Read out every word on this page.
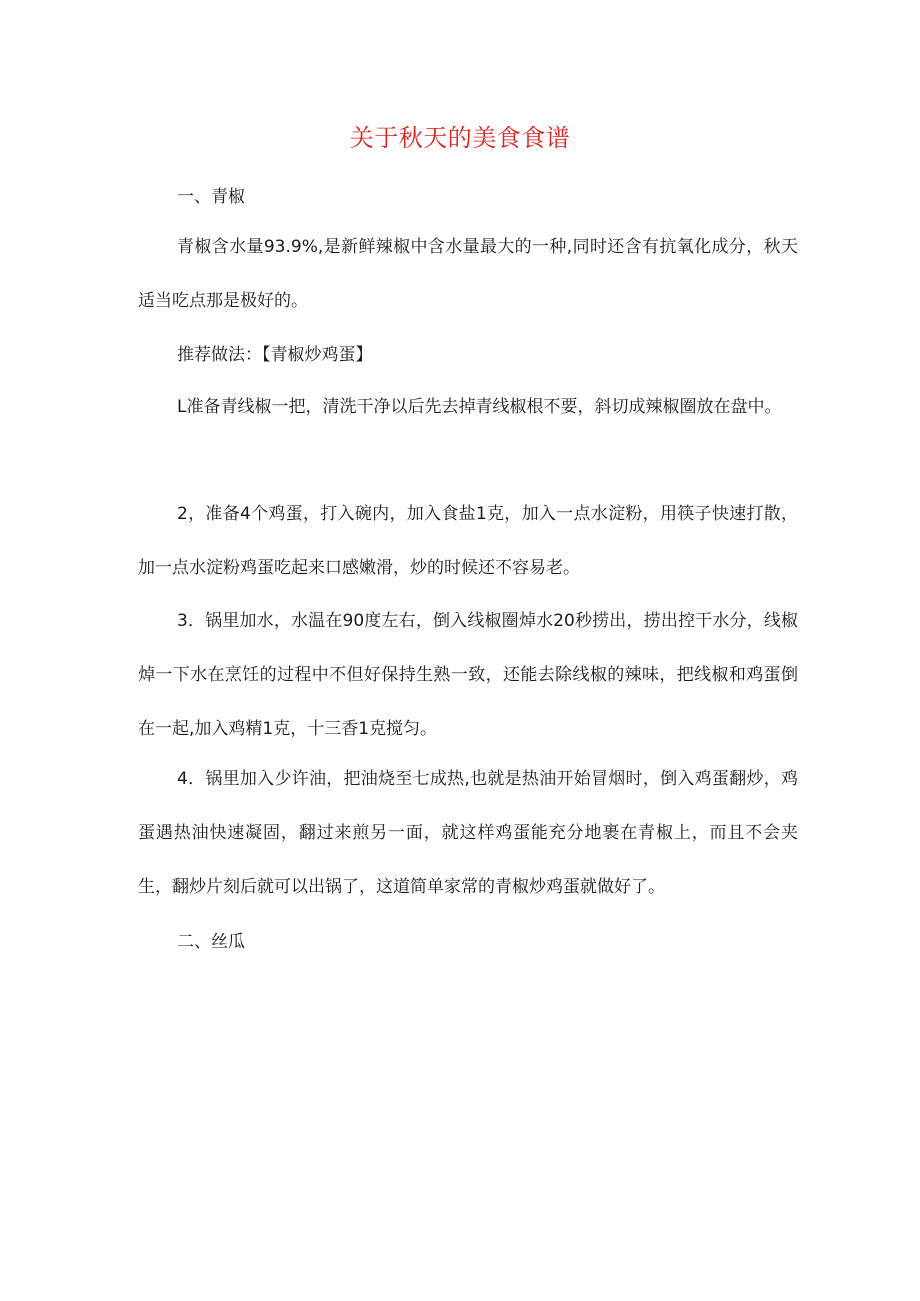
关于秋天的美食食谱
一、青椒

青椒含水量93.9%,是新鲜辣椒中含水量最大的一种,同时还含有抗氧化成分，秋天适当吃点那是极好的。

推荐做法：【青椒炒鸡蛋】

L准备青线椒一把，清洗干净以后先去掉青线椒根不要，斜切成辣椒圈放在盘中。

2，准备4个鸡蛋，打入碗内，加入食盐1克，加入一点水淀粉，用筷子快速打散，加一点水淀粉鸡蛋吃起来口感嫩滑，炒的时候还不容易老。

3．锅里加水，水温在90度左右，倒入线椒圈焯水20秒捞出，捞出控干水分，线椒焯一下水在烹饪的过程中不但好保持生熟一致，还能去除线椒的辣味，把线椒和鸡蛋倒在一起,加入鸡精1克，十三香1克搅匀。

4．锅里加入少许油，把油烧至七成热,也就是热油开始冒烟时，倒入鸡蛋翻炒，鸡蛋遇热油快速凝固，翻过来煎另一面，就这样鸡蛋能充分地裹在青椒上，而且不会夹生，翻炒片刻后就可以出锅了，这道简单家常的青椒炒鸡蛋就做好了。

二、丝瓜
